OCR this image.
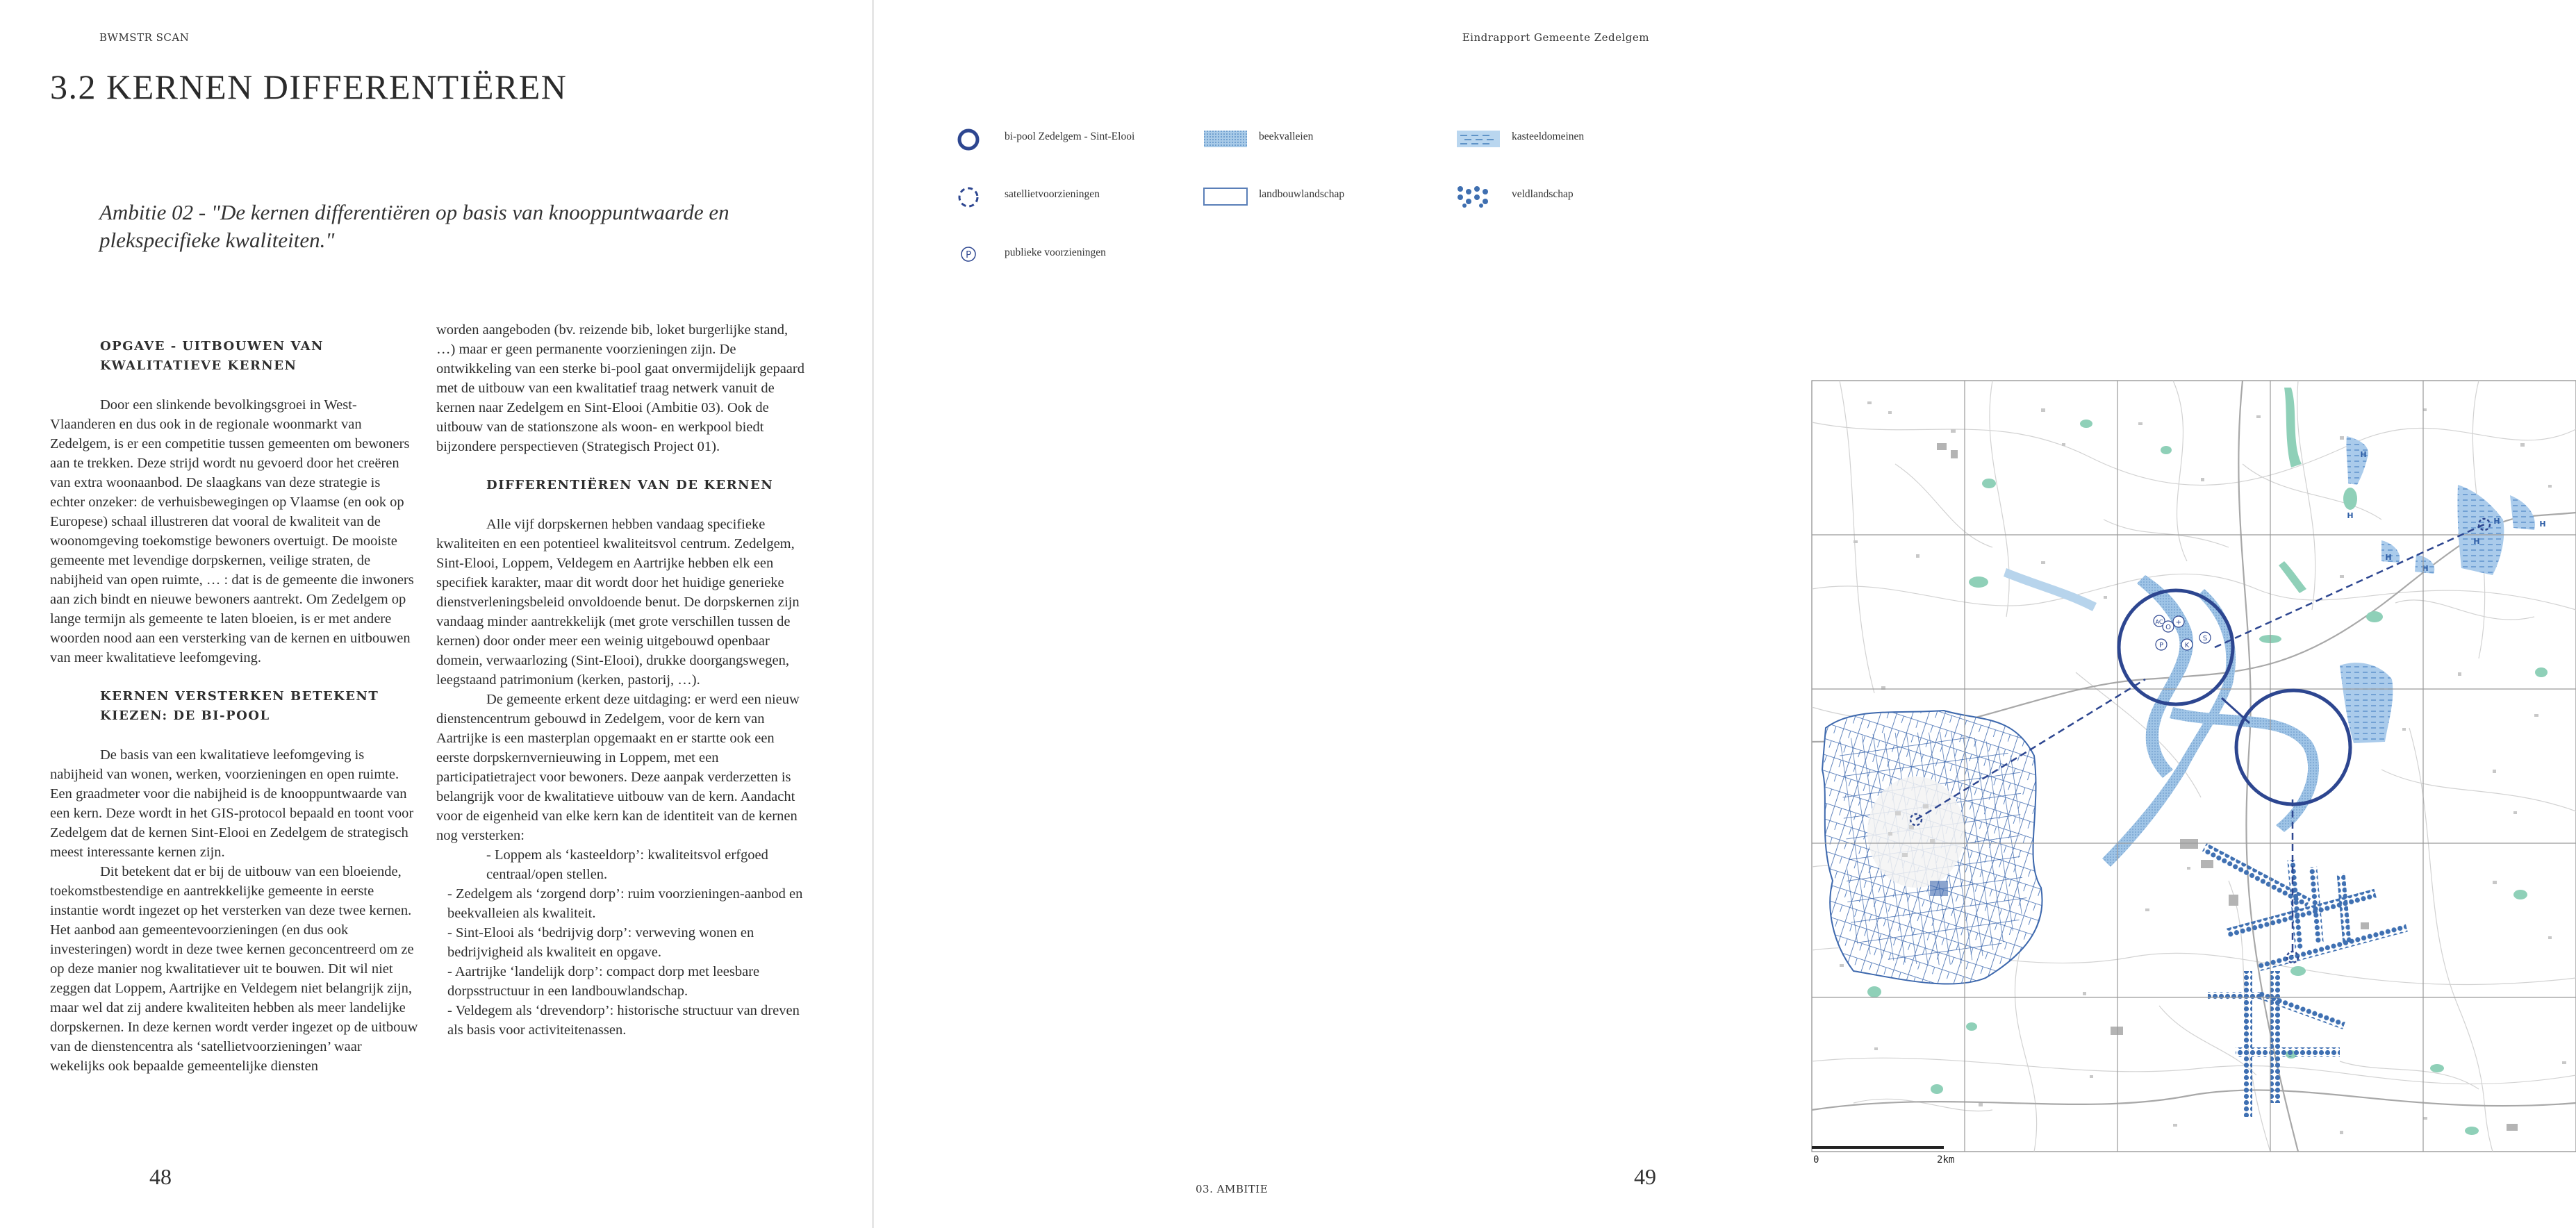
BWMSTR SCAN
3.2 KERNEN DIFFERENTIËREN
Ambitie 02 - "De kernen differentiëren op basis van knooppuntwaarde en plekspecifieke kwaliteiten."

OPGAVE - UITBOUWEN VAN KWALITATIEVE KERNEN

Door een slinkende bevolkingsgroei in West-Vlaanderen en dus ook in de regionale woonmarkt van Zedelgem, is er een competitie tussen gemeenten om bewoners aan te trekken. Deze strijd wordt nu gevoerd door het creëren van extra woonaanbod. De slaagkans van deze strategie is echter onzeker: de verhuisbewegingen op Vlaamse (en ook op Europese) schaal illustreren dat vooral de kwaliteit van de woonomgeving toekomstige bewoners overtuigt. De mooiste gemeente met levendige dorpskernen, veilige straten, de nabijheid van open ruimte, … : dat is de gemeente die inwoners aan zich bindt en nieuwe bewoners aantrekt. Om Zedelgem op lange termijn als gemeente te laten bloeien, is er met andere woorden nood aan een versterking van de kernen en uitbouwen van meer kwalitatieve leefomgeving.

KERNEN VERSTERKEN BETEKENT KIEZEN: DE BI-POOL

De basis van een kwalitatieve leefomgeving is nabijheid van wonen, werken, voorzieningen en open ruimte. Een graadmeter voor die nabijheid is de knooppuntwaarde van een kern. Deze wordt in het GIS-protocol bepaald en toont voor Zedelgem dat de kernen Sint-Elooi en Zedelgem de strategisch meest interessante kernen zijn.

Dit betekent dat er bij de uitbouw van een bloeiende, toekomstbestendige en aantrekkelijke gemeente in eerste instantie wordt ingezet op het versterken van deze twee kernen. Het aanbod aan gemeentevoorzieningen (en dus ook investeringen) wordt in deze twee kernen geconcentreerd om ze op deze manier nog kwalitatiever uit te bouwen. Dit wil niet zeggen dat Loppem, Aartrijke en Veldegem niet belangrijk zijn, maar wel dat zij andere kwaliteiten hebben als meer landelijke dorpskernen. In deze kernen wordt verder ingezet op de uitbouw van de dienstencentra als ‘satellietvoorzieningen’ waar wekelijks ook bepaalde gemeentelijke diensten

worden aangeboden (bv. reizende bib, loket burgerlijke stand, …) maar er geen permanente voorzieningen zijn. De ontwikkeling van een sterke bi-pool gaat onvermijdelijk gepaard met de uitbouw van een kwalitatief traag netwerk vanuit de kernen naar Zedelgem en Sint-Elooi (Ambitie 03). Ook de uitbouw van de stationszone als woon- en werkpool biedt bijzondere perspectieven (Strategisch Project 01).

DIFFERENTIËREN VAN DE KERNEN

Alle vijf dorpskernen hebben vandaag specifieke kwaliteiten en een potentieel kwaliteitsvol centrum. Zedelgem, Sint-Elooi, Loppem, Veldegem en Aartrijke hebben elk een specifiek karakter, maar dit wordt door het huidige generieke dienstverleningsbeleid onvoldoende benut. De dorpskernen zijn vandaag minder aantrekkelijk (met grote verschillen tussen de kernen) door onder meer een weinig uitgebouwd openbaar domein, verwaarlozing (Sint-Elooi), drukke doorgangswegen, leegstaand patrimonium (kerken, pastorij, …).

De gemeente erkent deze uitdaging: er werd een nieuw dienstencentrum gebouwd in Zedelgem, voor de kern van Aartrijke is een masterplan opgemaakt en er startte ook een eerste dorpskernvernieuwing in Loppem, met een participatietraject voor bewoners. Deze aanpak verderzetten is belangrijk voor de kwalitatieve uitbouw van de kern. Aandacht voor de eigenheid van elke kern kan de identiteit van de kernen nog versterken:

- Loppem als ‘kasteeldorp’: kwaliteitsvol erfgoed centraal/open stellen.

- Zedelgem als ‘zorgend dorp’: ruim voorzieningen-aanbod en beekvalleien als kwaliteit.

- Sint-Elooi als ‘bedrijvig dorp’: verweving wonen en bedrijvigheid als kwaliteit en opgave.

- Aartrijke ‘landelijk dorp’: compact dorp met leesbare dorpsstructuur in een landbouwlandschap.

- Veldegem als ‘drevendorp’: historische structuur van dreven als basis voor activiteitenassen.

48
Eindrapport Gemeente Zedelgem
bi-pool Zedelgem - Sint-Elooi	beekvalleien	kasteeldomeinen
satellietvoorzieningen	landbouwlandschap	veldlandschap
P	publieke voorzieningen
H
H
H
H
H
H
H
AC
P	K
S
+
O
0	2km
03. AMBITIE	49
